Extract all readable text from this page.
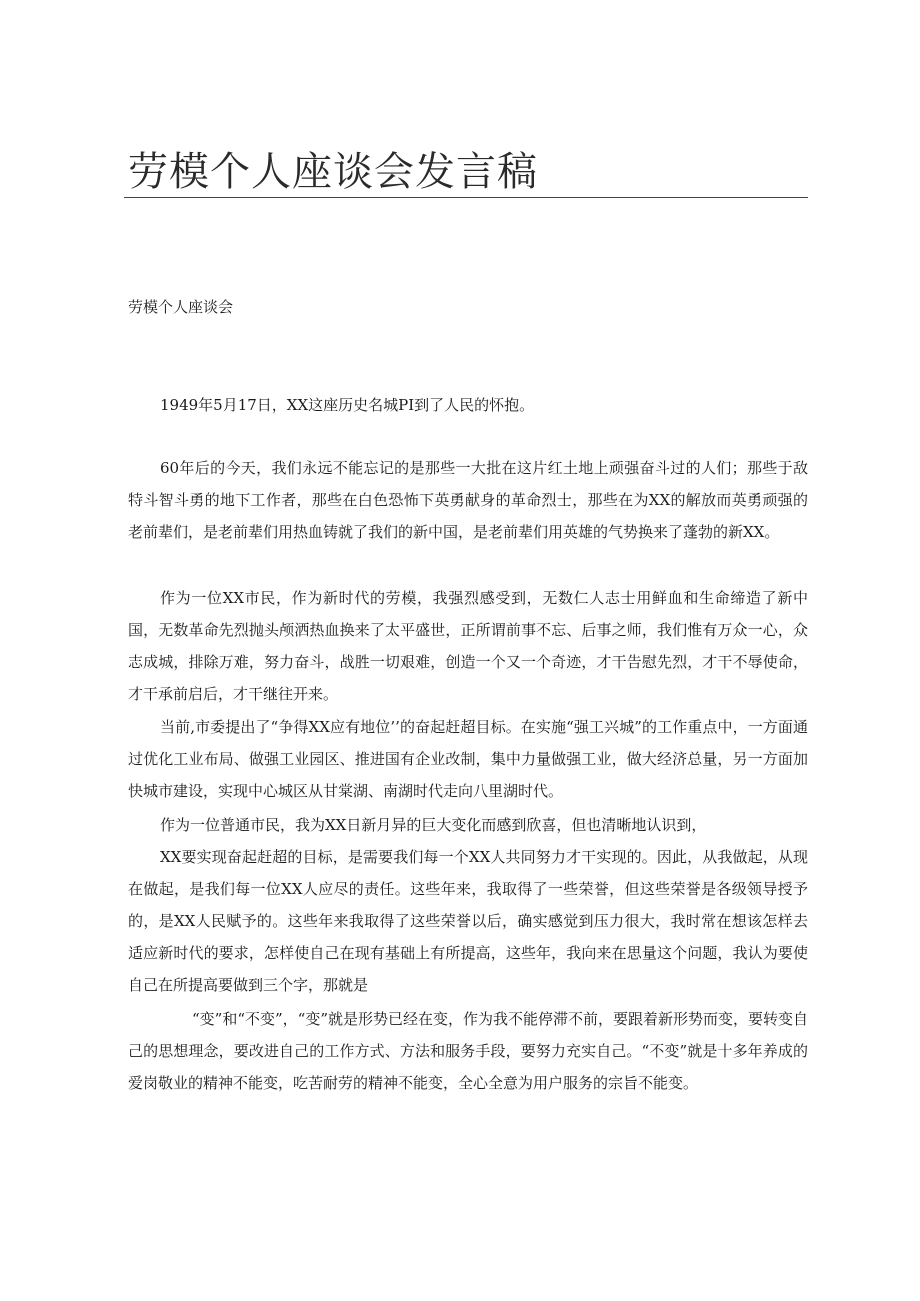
劳模个人座谈会发言稿
劳模个人座谈会

1949年5月17日，XX这座历史名城PI到了人民的怀抱。

60年后的今天，我们永远不能忘记的是那些一大批在这片红土地上顽强奋斗过的人们；那些于敌特斗智斗勇的地下工作者，那些在白色恐怖下英勇献身的革命烈士，那些在为XX的解放而英勇顽强的老前辈们，是老前辈们用热血铸就了我们的新中国，是老前辈们用英雄的气势换来了蓬勃的新XX。

作为一位XX市民，作为新时代的劳模，我强烈感受到，无数仁人志士用鲜血和生命缔造了新中国，无数革命先烈抛头颅洒热血换来了太平盛世，正所谓前事不忘、后事之师，我们惟有万众一心，众志成城，排除万难，努力奋斗，战胜一切艰难，创造一个又一个奇迹，才干告慰先烈，才干不辱使命，才干承前启后，才干继往开来。

当前,市委提出了“争得XX应有地位’’的奋起赶超目标。在实施“强工兴城”的工作重点中，一方面通过优化工业布局、做强工业园区、推进国有企业改制，集中力量做强工业，做大经济总量，另一方面加快城市建设，实现中心城区从甘棠湖、南湖时代走向八里湖时代。

作为一位普通市民，我为XX日新月异的巨大变化而感到欣喜，但也清晰地认识到，

XX要实现奋起赶超的目标，是需要我们每一个XX人共同努力才干实现的。因此，从我做起，从现在做起，是我们每一位XX人应尽的责任。这些年来，我取得了一些荣誉，但这些荣誉是各级领导授予的，是XX人民赋予的。这些年来我取得了这些荣誉以后，确实感觉到压力很大，我时常在想该怎样去适应新时代的要求，怎样使自己在现有基础上有所提高，这些年，我向来在思量这个问题，我认为要使自己在所提高要做到三个字，那就是

“变”和“不变”，“变”就是形势已经在变，作为我不能停滞不前，要跟着新形势而变，要转变自己的思想理念，要改进自己的工作方式、方法和服务手段，要努力充实自己。“不变”就是十多年养成的爱岗敬业的精神不能变，吃苦耐劳的精神不能变，全心全意为用户服务的宗旨不能变。
